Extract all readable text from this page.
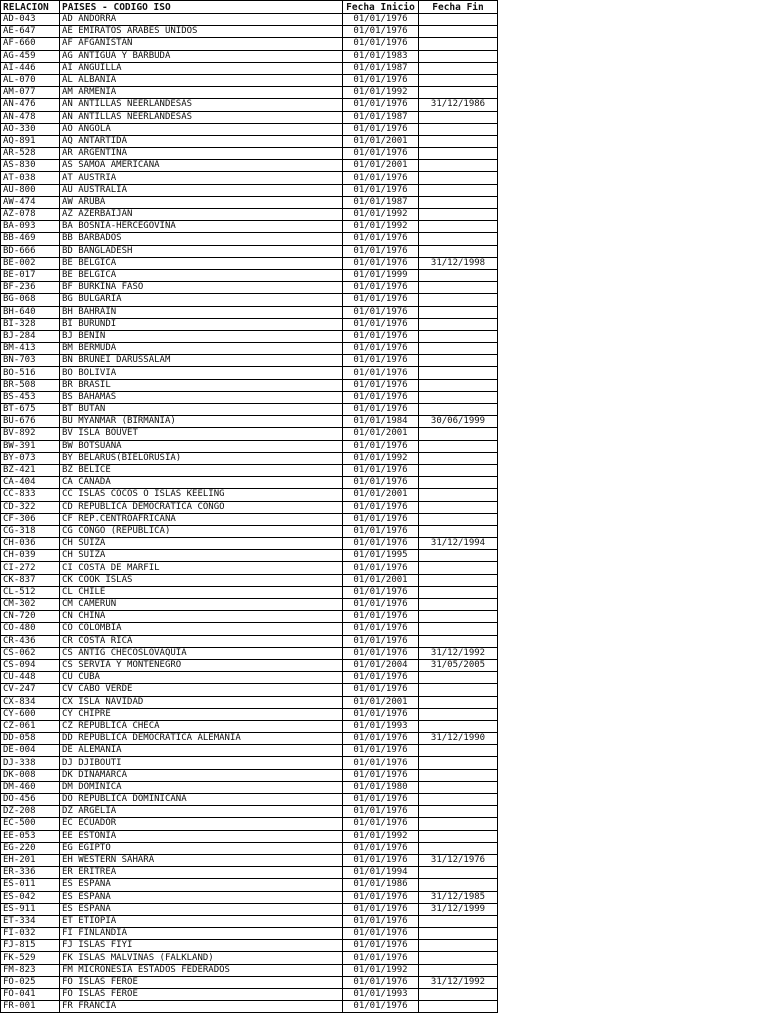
RELACION	PAISES - CODIGO ISO	Fecha Inicio	Fecha Fin
AD-043	AD ANDORRA	01/01/1976	
AE-647	AE EMIRATOS ARABES UNIDOS	01/01/1976	
AF-660	AF AFGANISTAN	01/01/1976	
AG-459	AG ANTIGUA Y BARBUDA	01/01/1983	
AI-446	AI ANGUILLA	01/01/1987	
AL-070	AL ALBANIA	01/01/1976	
AM-077	AM ARMENIA	01/01/1992	
AN-476	AN ANTILLAS NEERLANDESAS	01/01/1976	31/12/1986
AN-478	AN ANTILLAS NEERLANDESAS	01/01/1987	
AO-330	AO ANGOLA	01/01/1976	
AQ-891	AQ ANTARTIDA	01/01/2001	
AR-528	AR ARGENTINA	01/01/1976	
AS-830	AS SAMOA AMERICANA	01/01/2001	
AT-038	AT AUSTRIA	01/01/1976	
AU-800	AU AUSTRALIA	01/01/1976	
AW-474	AW ARUBA	01/01/1987	
AZ-078	AZ AZERBAIJAN	01/01/1992	
BA-093	BA BOSNIA-HERCEGOVINA	01/01/1992	
BB-469	BB BARBADOS	01/01/1976	
BD-666	BD BANGLADESH	01/01/1976	
BE-002	BE BELGICA	01/01/1976	31/12/1998
BE-017	BE BELGICA	01/01/1999	
BF-236	BF BURKINA FASO	01/01/1976	
BG-068	BG BULGARIA	01/01/1976	
BH-640	BH BAHRAIN	01/01/1976	
BI-328	BI BURUNDI	01/01/1976	
BJ-284	BJ BENIN	01/01/1976	
BM-413	BM BERMUDA	01/01/1976	
BN-703	BN BRUNEI DARUSSALAM	01/01/1976	
BO-516	BO BOLIVIA	01/01/1976	
BR-508	BR BRASIL	01/01/1976	
BS-453	BS BAHAMAS	01/01/1976	
BT-675	BT BUTAN	01/01/1976	
BU-676	BU MYANMAR (BIRMANIA)	01/01/1984	30/06/1999
BV-892	BV ISLA BOUVET	01/01/2001	
BW-391	BW BOTSUANA	01/01/1976	
BY-073	BY BELARUS(BIELORUSIA)	01/01/1992	
BZ-421	BZ BELICE	01/01/1976	
CA-404	CA CANADA	01/01/1976	
CC-833	CC ISLAS COCOS O ISLAS KEELING	01/01/2001	
CD-322	CD REPUBLICA DEMOCRATICA CONGO	01/01/1976	
CF-306	CF REP.CENTROAFRICANA	01/01/1976	
CG-318	CG CONGO (REPÚBLICA)	01/01/1976	
CH-036	CH SUIZA	01/01/1976	31/12/1994
CH-039	CH SUIZA	01/01/1995	
CI-272	CI COSTA DE MARFIL	01/01/1976	
CK-837	CK COOK ISLAS	01/01/2001	
CL-512	CL CHILE	01/01/1976	
CM-302	CM CAMERUN	01/01/1976	
CN-720	CN CHINA	01/01/1976	
CO-480	CO COLOMBIA	01/01/1976	
CR-436	CR COSTA RICA	01/01/1976	
CS-062	CS ANTIG CHECOSLOVAQUIA	01/01/1976	31/12/1992
CS-094	CS SERVIA Y MONTENEGRO	01/01/2004	31/05/2005
CU-448	CU CUBA	01/01/1976	
CV-247	CV CABO VERDE	01/01/1976	
CX-834	CX ISLA NAVIDAD	01/01/2001	
CY-600	CY CHIPRE	01/01/1976	
CZ-061	CZ REPUBLICA CHECA	01/01/1993	
DD-058	DD REPUBLICA DEMOCRATICA ALEMANIA	01/01/1976	31/12/1990
DE-004	DE ALEMANIA	01/01/1976	
DJ-338	DJ DJIBOUTI	01/01/1976	
DK-008	DK DINAMARCA	01/01/1976	
DM-460	DM DOMINICA	01/01/1980	
DO-456	DO REPUBLICA DOMINICANA	01/01/1976	
DZ-208	DZ ARGELIA	01/01/1976	
EC-500	EC ECUADOR	01/01/1976	
EE-053	EE ESTONIA	01/01/1992	
EG-220	EG EGIPTO	01/01/1976	
EH-201	EH WESTERN SAHARA	01/01/1976	31/12/1976
ER-336	ER ERITREA	01/01/1994	
ES-011	ES ESPAÑA	01/01/1986	
ES-042	ES ESPAÑA	01/01/1976	31/12/1985
ES-911	ES ESPAÑA	01/01/1976	31/12/1999
ET-334	ET ETIOPIA	01/01/1976	
FI-032	FI FINLANDIA	01/01/1976	
FJ-815	FJ ISLAS FIYI	01/01/1976	
FK-529	FK ISLAS MALVINAS (FALKLAND)	01/01/1976	
FM-823	FM MICRONESIA ESTADOS FEDERADOS	01/01/1992	
FO-025	FO ISLAS FEROE	01/01/1976	31/12/1992
FO-041	FO ISLAS FEROE	01/01/1993	
FR-001	FR FRANCIA	01/01/1976	
